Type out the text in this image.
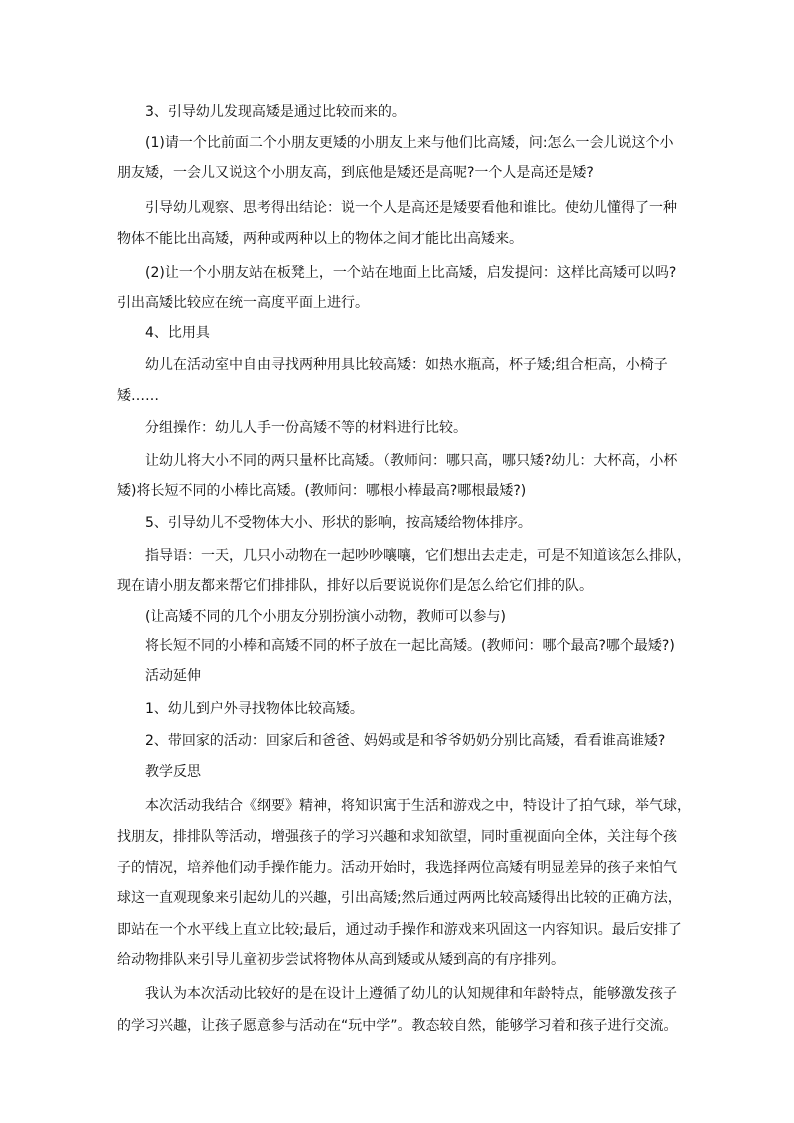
3、引导幼儿发现高矮是通过比较而来的。
(1)请一个比前面二个小朋友更矮的小朋友上来与他们比高矮，问:怎么一会儿说这个小
朋友矮，一会儿又说这个小朋友高，到底他是矮还是高呢?一个人是高还是矮?
引导幼儿观察、思考得出结论：说一个人是高还是矮要看他和谁比。使幼儿懂得了一种
物体不能比出高矮，两种或两种以上的物体之间才能比出高矮来。
(2)让一个小朋友站在板凳上，一个站在地面上比高矮，启发提问：这样比高矮可以吗?
引出高矮比较应在统一高度平面上进行。
4、比用具
幼儿在活动室中自由寻找两种用具比较高矮：如热水瓶高，杯子矮;组合柜高，小椅子
矮……
分组操作：幼儿人手一份高矮不等的材料进行比较。
让幼儿将大小不同的两只量杯比高矮。（教师问：哪只高，哪只矮?幼儿：大杯高，小杯
矮)将长短不同的小棒比高矮。(教师问：哪根小棒最高?哪根最矮?)
5、引导幼儿不受物体大小、形状的影响，按高矮给物体排序。
指导语：一天，几只小动物在一起吵吵嚷嚷，它们想出去走走，可是不知道该怎么排队，
现在请小朋友都来帮它们排排队，排好以后要说说你们是怎么给它们排的队。
(让高矮不同的几个小朋友分别扮演小动物，教师可以参与)
将长短不同的小棒和高矮不同的杯子放在一起比高矮。(教师问：哪个最高?哪个最矮?)
活动延伸
1、幼儿到户外寻找物体比较高矮。
2、带回家的活动：回家后和爸爸、妈妈或是和爷爷奶奶分别比高矮，看看谁高谁矮?
教学反思
本次活动我结合《纲要》精神，将知识寓于生活和游戏之中，特设计了拍气球，举气球，
找朋友，排排队等活动，增强孩子的学习兴趣和求知欲望，同时重视面向全体，关注每个孩
子的情况，培养他们动手操作能力。活动开始时，我选择两位高矮有明显差异的孩子来怕气
球这一直观现象来引起幼儿的兴趣，引出高矮;然后通过两两比较高矮得出比较的正确方法，
即站在一个水平线上直立比较;最后，通过动手操作和游戏来巩固这一内容知识。最后安排了
给动物排队来引导儿童初步尝试将物体从高到矮或从矮到高的有序排列。
我认为本次活动比较好的是在设计上遵循了幼儿的认知规律和年龄特点，能够激发孩子
的学习兴趣，让孩子愿意参与活动在“玩中学”。教态较自然，能够学习着和孩子进行交流。
